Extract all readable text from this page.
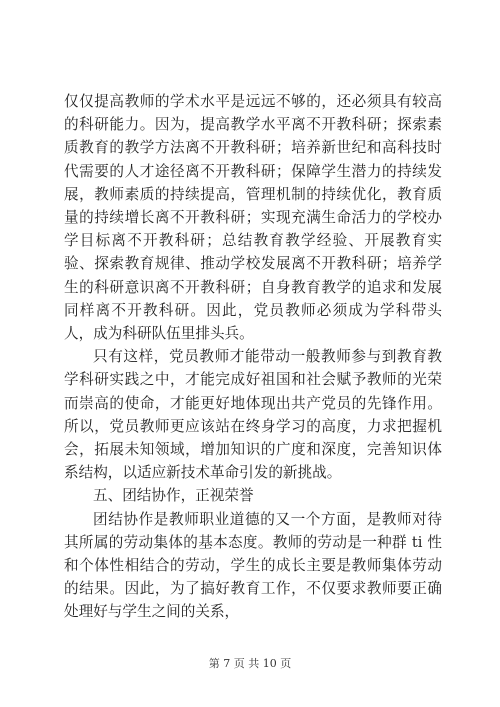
仅仅提高教师的学术水平是远远不够的，还必须具有较高的科研能力。因为，提高教学水平离不开教科研；探索素质教育的教学方法离不开教科研；培养新世纪和高科技时代需要的人才途径离不开教科研；保障学生潜力的持续发展，教师素质的持续提高，管理机制的持续优化，教育质量的持续增长离不开教科研；实现充满生命活力的学校办学目标离不开教科研；总结教育教学经验、开展教育实验、探索教育规律、推动学校发展离不开教科研；培养学生的科研意识离不开教科研；自身教育教学的追求和发展同样离不开教科研。因此，党员教师必须成为学科带头人，成为科研队伍里排头兵。

只有这样，党员教师才能带动一般教师参与到教育教学科研实践之中，才能完成好祖国和社会赋予教师的光荣而崇高的使命，才能更好地体现出共产党员的先锋作用。所以，党员教师更应该站在终身学习的高度，力求把握机会，拓展未知领域，增加知识的广度和深度，完善知识体系结构，以适应新技术革命引发的新挑战。

五、团结协作，正视荣誉

团结协作是教师职业道德的又一个方面，是教师对待其所属的劳动集体的基本态度。教师的劳动是一种群 ti 性和个体性相结合的劳动，学生的成长主要是教师集体劳动的结果。因此，为了搞好教育工作，不仅要求教师要正确处理好与学生之间的关系，

第 7 页 共 10 页
